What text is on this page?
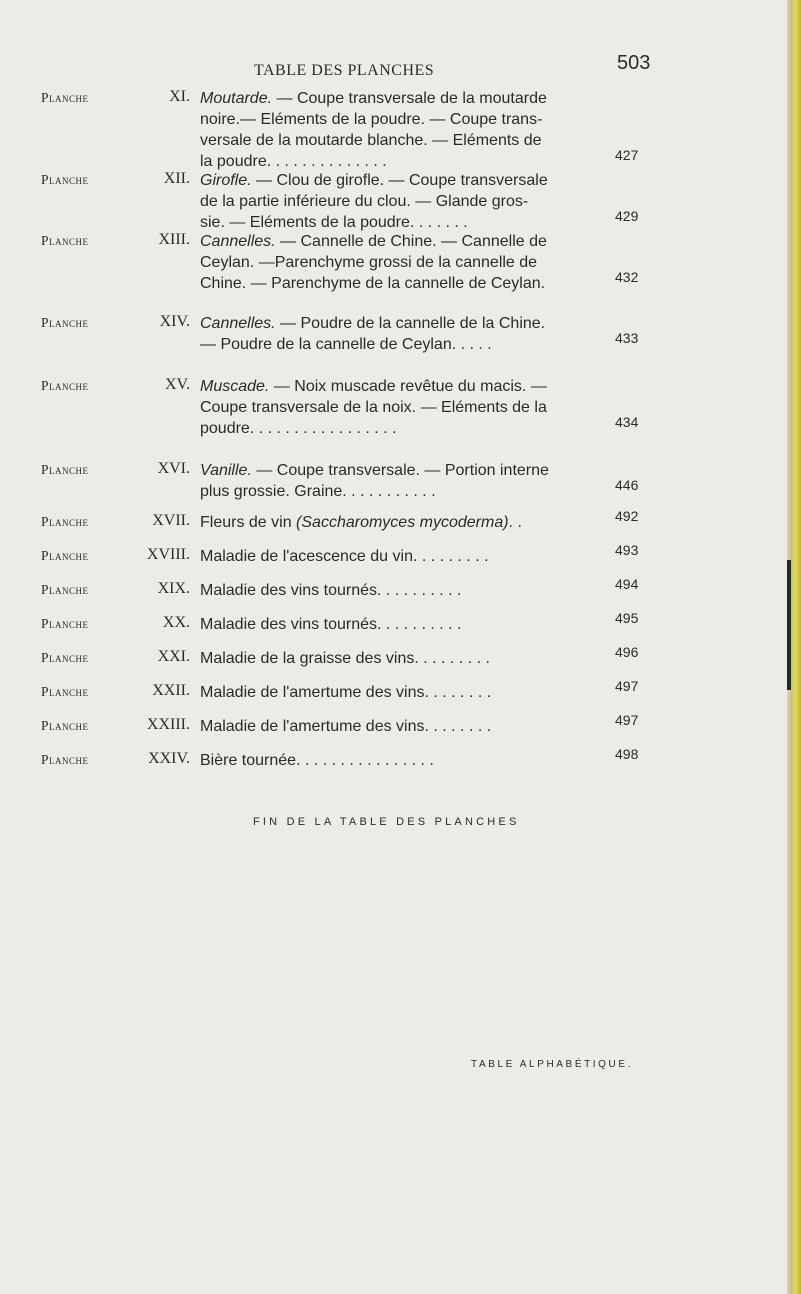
TABLE DES PLANCHES	503
Planche	XI. Moutarde. — Coupe transversale de la moutarde
noire.— Eléments de la poudre. — Coupe trans-
versale de la moutarde blanche. — Eléments de
la poudre. . . . . . . . . . . . . .	427
Planche	XII. Girofle. — Clou de girofle. — Coupe transversale
de la partie inférieure du clou. — Glande gros-
sie. — Eléments de la poudre. . . . . . .	429
Planche	XIII. Cannelles. — Cannelle de Chine. — Cannelle de
Ceylan. —Parenchyme grossi de la cannelle de
Chine. — Parenchyme de la cannelle de Ceylan.	432
Planche	XIV. Cannelles. — Poudre de la cannelle de la Chine.
— Poudre de la cannelle de Ceylan. . . . .	433
Planche	XV. Muscade. — Noix muscade revêtue du macis. —
Coupe transversale de la noix. — Eléments de la
poudre. . . . . . . . . . . . . . . . .	434
Planche	XVI. Vanille. — Coupe transversale. — Portion interne
plus grossie. Graine. . . . . . . . . . .	446
Planche	XVII. Fleurs de vin (Saccharomyces mycoderma). .	492
Planche	XVIII. Maladie de l'acescence du vin. . . . . . . . .	493
Planche	XIX. Maladie des vins tournés. . . . . . . . . .	494
Planche	XX. Maladie des vins tournés. . . . . . . . . .	495
Planche	XXI. Maladie de la graisse des vins. . . . . . . . .	496
Planche	XXII. Maladie de l'amertume des vins. . . . . . . .	497
Planche	XXIII. Maladie de l'amertume des vins. . . . . . . .	497
Planche	XXIV. Bière tournée. . . . . . . . . . . . . . . .	498
FIN DE LA TABLE DES PLANCHES
TABLE ALPHABÉTIQUE.
